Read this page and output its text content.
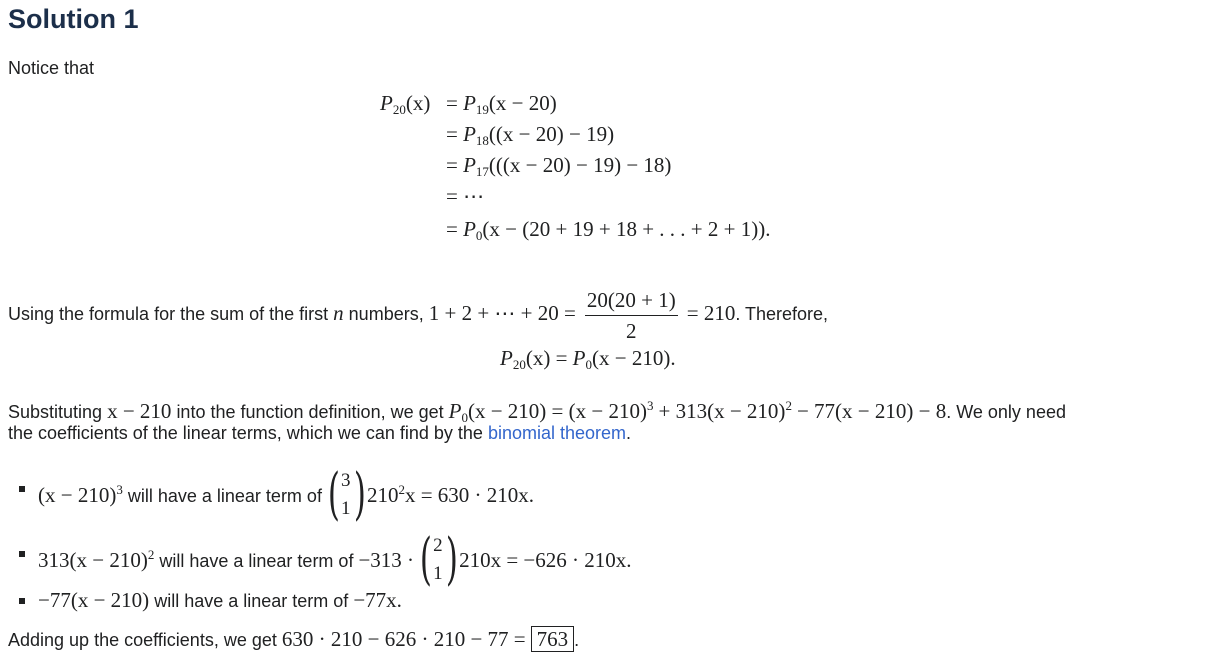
Solution 1
Notice that
$P_{20}(x) = P_{19}(x - 20)$
= $P_{18}((x - 20) - 19)$
= $P_{17}(((x - 20) - 19) - 18)$
= ⋯
= $P_0(x - (20 + 19 + 18$ + . . . + 2 + 1)).
Using the formula for the sum of the first n numbers, 1 + 2 + ⋯ + $20 = \frac{20(20 + 1)}{2} = 210$. Therefore,
$P_{20}(x) = P_0(x - 210)$.
Substituting x − 210 into the function definition, we get $P_0(x - 210) = (x - 210)^3 + 313(x - 210)^2 - 77(x - 210) - 8$. We only need
the coefficients of the linear terms, which we can find by the binomial theorem.
$(x - 210)^3$ will have a linear term of ( 3
1 ) $210^2x = 630 \cdot 210x$.
$313(x - 210)^2$ will have a linear term of −313 · ( 2
1 ) 210x = −626 · 210x.
−77(x − 210) will have a linear term of −77x.
Adding up the coefficients, we get 630 · 210 − 626 · 210 − 77 = 763 .
